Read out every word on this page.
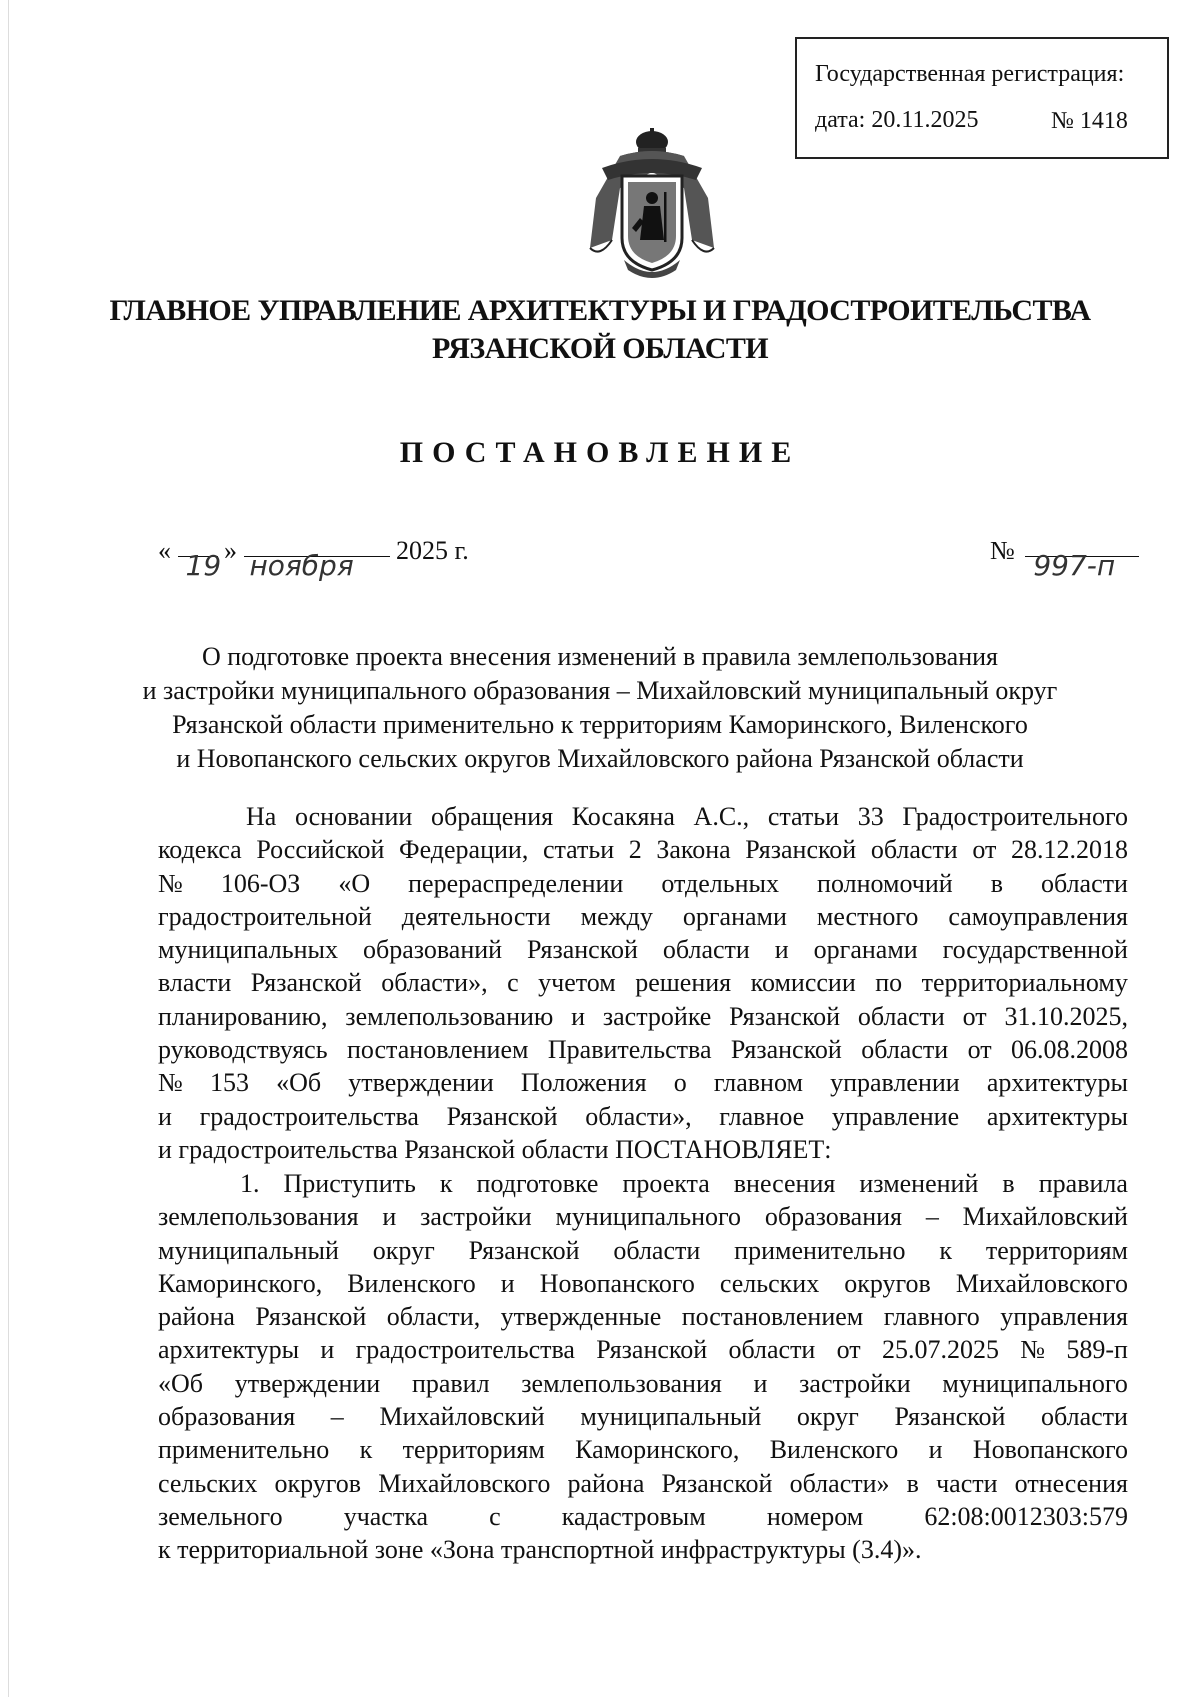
Государственная регистрация:
дата: 20.11.2025	№ 1418
ГЛАВНОЕ УПРАВЛЕНИЕ АРХИТЕКТУРЫ И ГРАДОСТРОИТЕЛЬСТВА
РЯЗАНСКОЙ ОБЛАСТИ
ПОСТАНОВЛЕНИЕ
« 19 » ноября 2025 г.	№ 997-п
О подготовке проекта внесения изменений в правила землепользования
и застройки муниципального образования – Михайловский муниципальный округ
Рязанской области применительно к территориям Каморинского, Виленского
и Новопанского сельских округов Михайловского района Рязанской области
На основании обращения Косакяна А.С., статьи 33 Градостроительного
кодекса Российской Федерации, статьи 2 Закона Рязанской области от 28.12.2018
№ 106-ОЗ «О перераспределении отдельных полномочий в области
градостроительной деятельности между органами местного самоуправления
муниципальных образований Рязанской области и органами государственной
власти Рязанской области», с учетом решения комиссии по территориальному
планированию, землепользованию и застройке Рязанской области от 31.10.2025,
руководствуясь постановлением Правительства Рязанской области от 06.08.2008
№ 153 «Об утверждении Положения о главном управлении архитектуры
и градостроительства Рязанской области», главное управление архитектуры
и градостроительства Рязанской области ПОСТАНОВЛЯЕТ:
1. Приступить к подготовке проекта внесения изменений в правила
землепользования и застройки муниципального образования – Михайловский
муниципальный округ Рязанской области применительно к территориям
Каморинского, Виленского и Новопанского сельских округов Михайловского
района Рязанской области, утвержденные постановлением главного управления
архитектуры и градостроительства Рязанской области от 25.07.2025 № 589-п
«Об утверждении правил землепользования и застройки муниципального
образования – Михайловский муниципальный округ Рязанской области
применительно к территориям Каморинского, Виленского и Новопанского
сельских округов Михайловского района Рязанской области» в части отнесения
земельного участка с кадастровым номером 62:08:0012303:579
к территориальной зоне «Зона транспортной инфраструктуры (3.4)».
